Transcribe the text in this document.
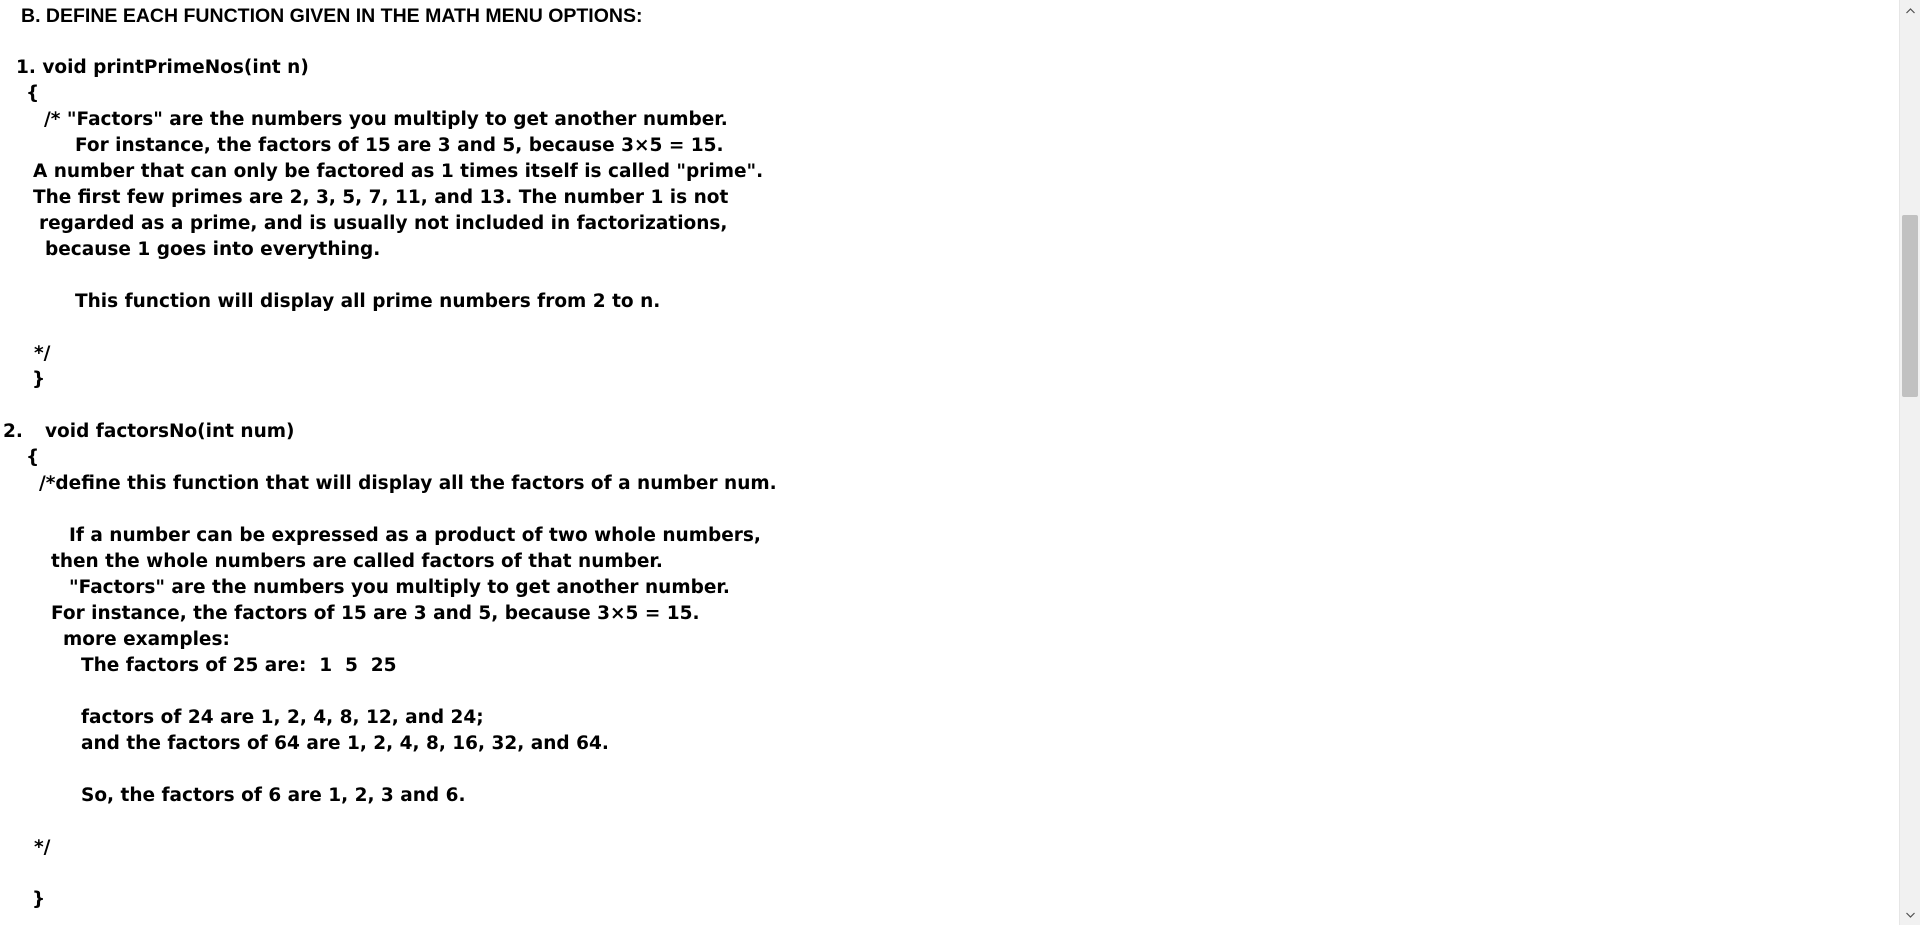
B. DEFINE EACH FUNCTION GIVEN IN THE MATH MENU OPTIONS:
1. void printPrimeNos(int n)
{
/* "Factors" are the numbers you multiply to get another number.
For instance, the factors of 15 are 3 and 5, because 3×5 = 15.
A number that can only be factored as 1 times itself is called "prime".
The first few primes are 2, 3, 5, 7, 11, and 13. The number 1 is not
regarded as a prime, and is usually not included in factorizations,
because 1 goes into everything.
This function will display all prime numbers from 2 to n.
*/
}
2. void factorsNo(int num)
{
/*define this function that will display all the factors of a number num.
If a number can be expressed as a product of two whole numbers,
then the whole numbers are called factors of that number.
"Factors" are the numbers you multiply to get another number.
For instance, the factors of 15 are 3 and 5, because 3×5 = 15.
more examples:
The factors of 25 are:  1  5  25
factors of 24 are 1, 2, 4, 8, 12, and 24;
and the factors of 64 are 1, 2, 4, 8, 16, 32, and 64.
So, the factors of 6 are 1, 2, 3 and 6.
*/
}
